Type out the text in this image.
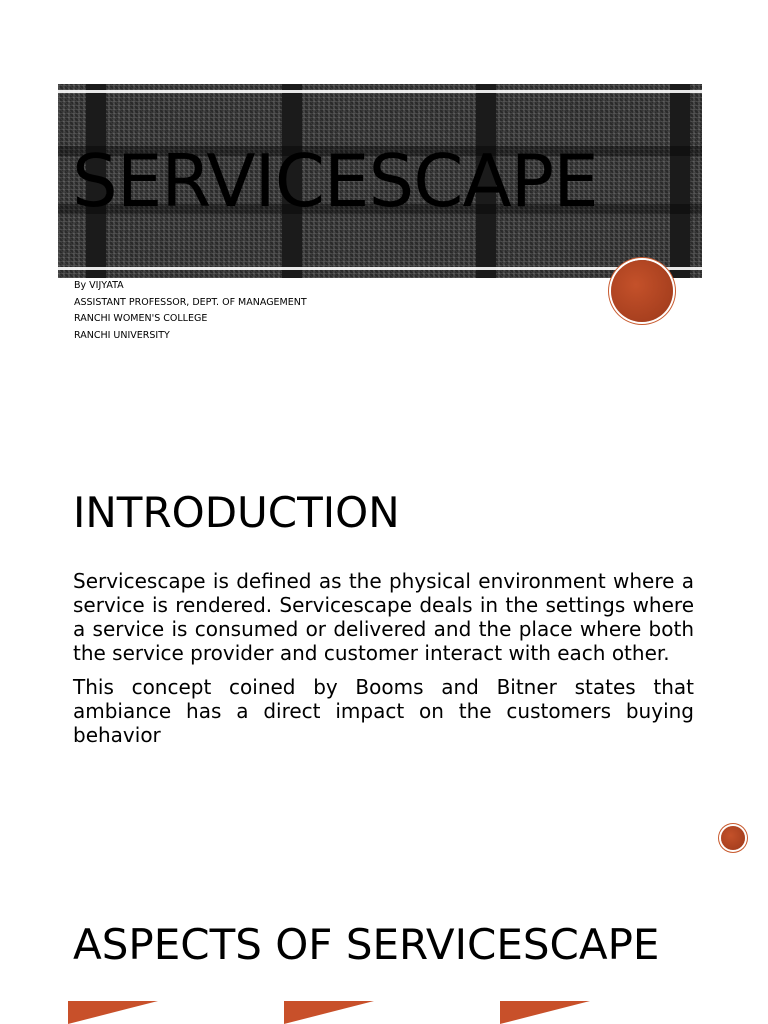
SERVICESCAPE
By VIJYATA
ASSISTANT PROFESSOR, DEPT. OF MANAGEMENT
RANCHI WOMEN'S COLLEGE
RANCHI UNIVERSITY
INTRODUCTION

Servicescape is defined as the physical environment where a service is rendered. Servicescape deals in the settings where a service is consumed or delivered and the place where both the service provider and customer interact with each other.

This concept coined by Booms and Bitner states that ambiance has a direct impact on the customers buying behavior

ASPECTS OF SERVICESCAPE
